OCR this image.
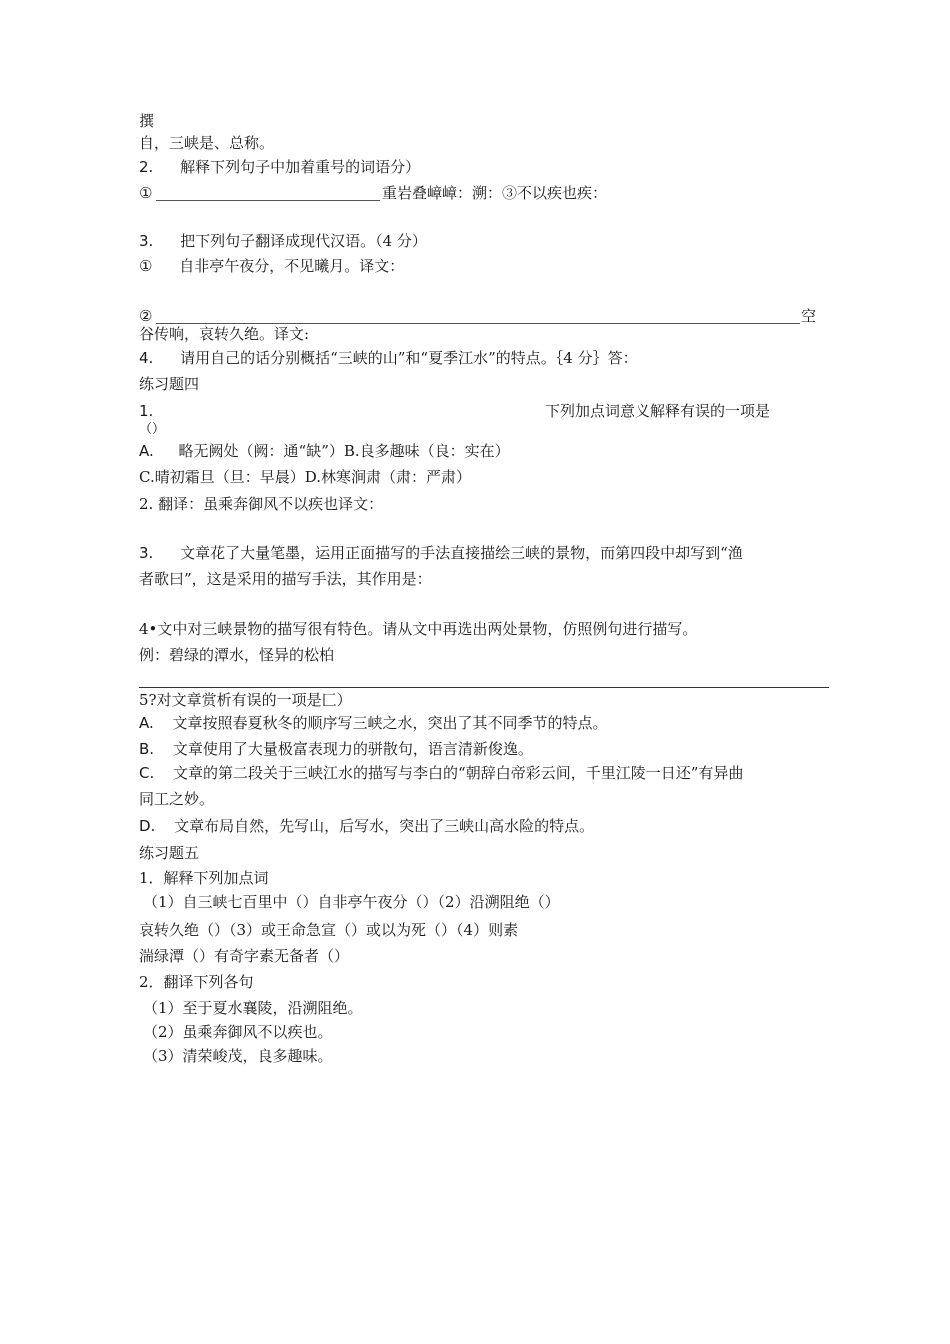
撰
自，三峡是、总称。
2. 解释下列句子中加着重号的词语分）
①	重岩叠嶂嶂：溯：③不以疾也疾：
3. 把下列句子翻译成现代汉语。（4 分）
① 自非亭午夜分，不见曦月。译文：
②	空
谷传响，哀转久绝。译文:
4. 请用自己的话分别概括“三峡的山”和“夏季江水”的特点。｛4 分｝答：
练习题四
1.	下列加点词意义解释有误的一项是
（）
A. 略无阙处（阙：通“缺”）B.良多趣味（良：实在）
C.晴初霜旦（旦：早晨）D.林寒涧肃（肃：严肃）
2. 翻译：虽乘奔御风不以疾也译文：
3. 文章花了大量笔墨，运用正面描写的手法直接描绘三峡的景物，而第四段中却写到“渔
者歌曰”，这是采用的描写手法，其作用是：
4•文中对三峡景物的描写很有特色。请从文中再选出两处景物，仿照例句进行描写。
例：碧绿的潭水，怪异的松柏
5?对文章赏析有误的一项是匚）
A. 文章按照春夏秋冬的顺序写三峡之水，突出了其不同季节的特点。
B. 文章使用了大量极富表现力的骈散句，语言清新俊逸。
C. 文章的第二段关于三峡江水的描写与李白的“朝辞白帝彩云间，千里江陵一日还”有异曲
同工之妙。
D. 文章布局自然，先写山，后写水，突出了三峡山高水险的特点。
练习题五
1．解释下列加点词
（1）自三峡七百里中（）自非亭午夜分（）（2）沿溯阻绝（）
哀转久绝（）（3）或王命急宣（）或以为死（）（4）则素
湍绿潭（）有奇字素无备者（）
2．翻译下列各句
（1）至于夏水襄陵，沿溯阻绝。
（2）虽乘奔御风不以疾也。
（3）清荣峻茂，良多趣味。
